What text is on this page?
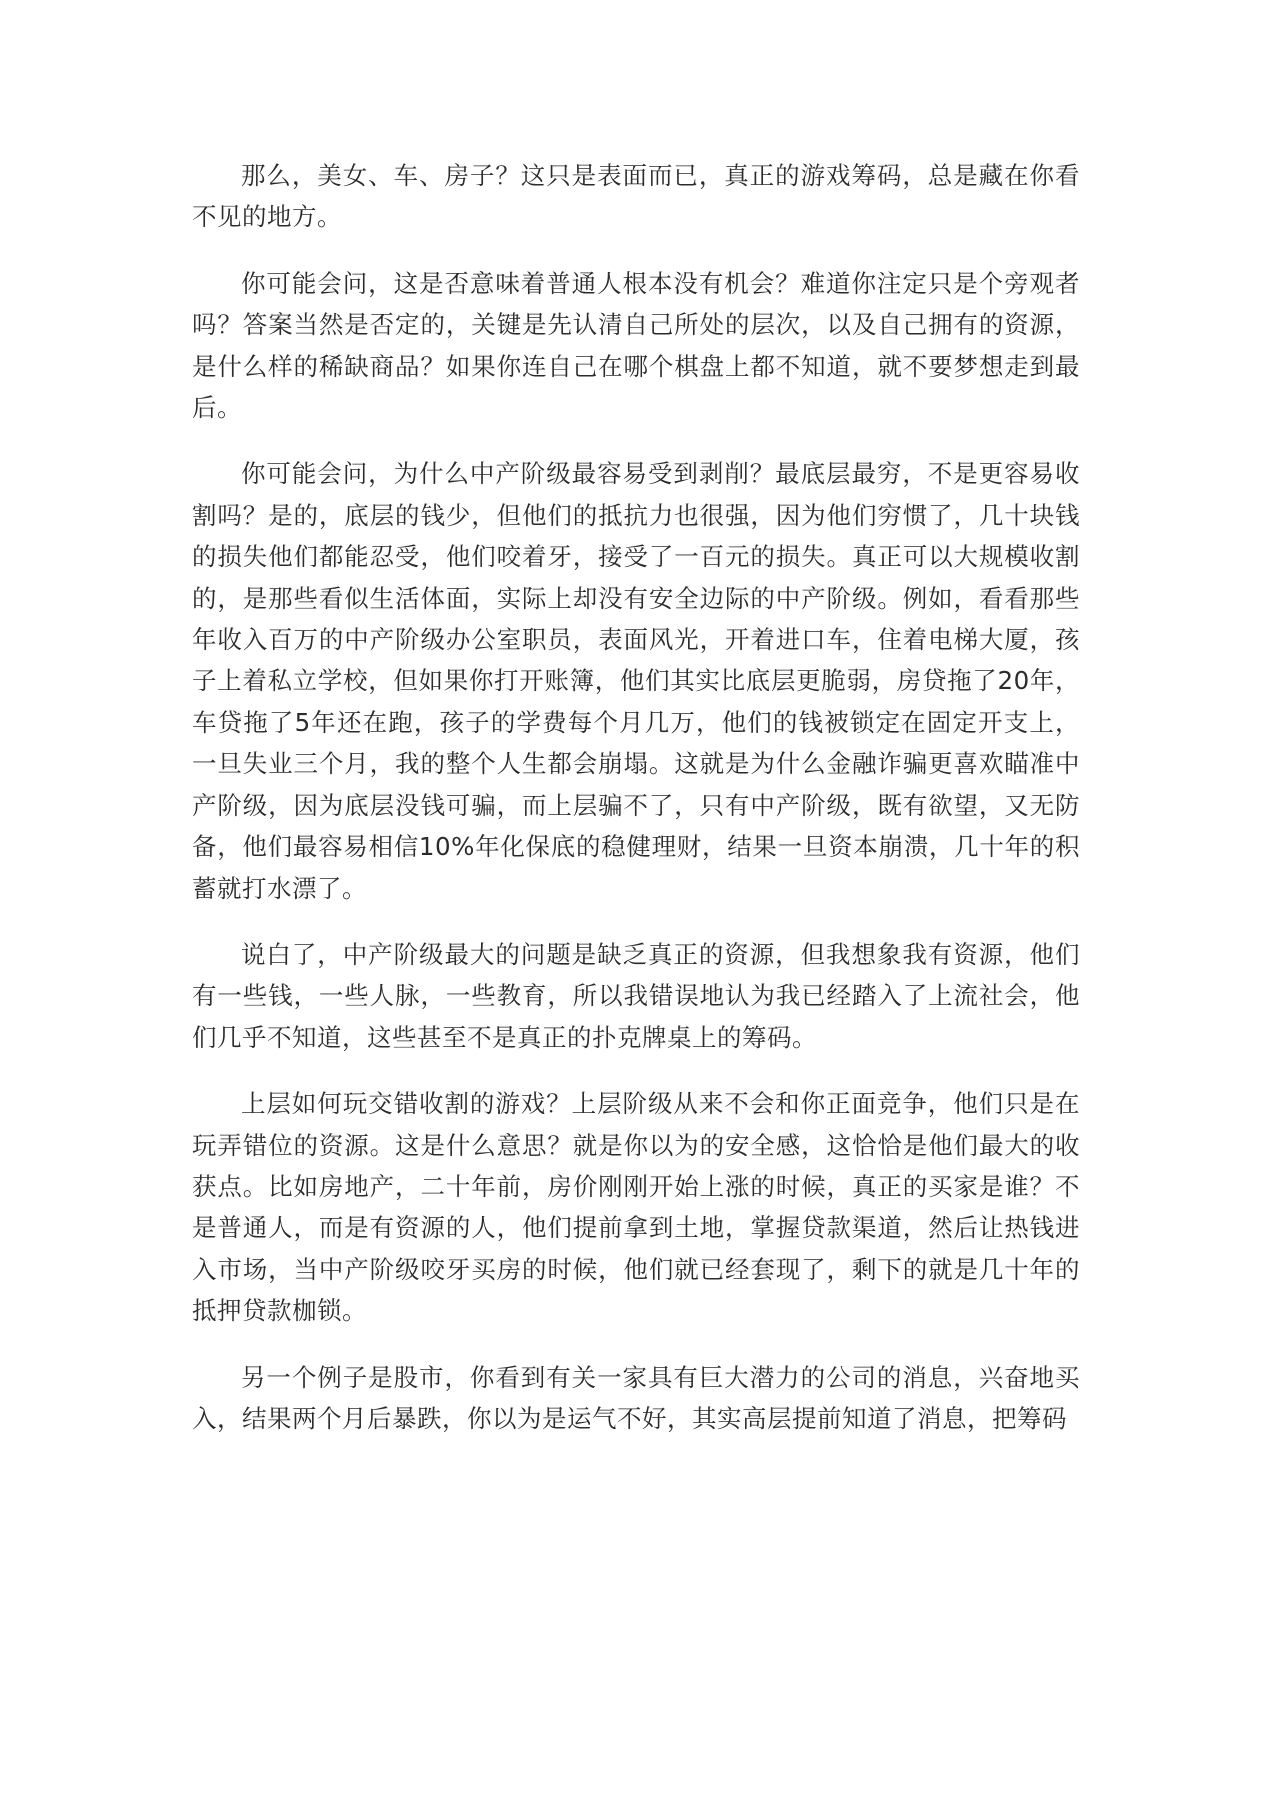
那么，美女、车、房子？这只是表面而已，真正的游戏筹码，总是藏在你看不见的地方。

你可能会问，这是否意味着普通人根本没有机会？难道你注定只是个旁观者吗？答案当然是否定的，关键是先认清自己所处的层次，以及自己拥有的资源，是什么样的稀缺商品？如果你连自己在哪个棋盘上都不知道，就不要梦想走到最后。

你可能会问，为什么中产阶级最容易受到剥削？最底层最穷，不是更容易收割吗？是的，底层的钱少，但他们的抵抗力也很强，因为他们穷惯了，几十块钱的损失他们都能忍受，他们咬着牙，接受了一百元的损失。真正可以大规模收割的，是那些看似生活体面，实际上却没有安全边际的中产阶级。例如，看看那些年收入百万的中产阶级办公室职员，表面风光，开着进口车，住着电梯大厦，孩子上着私立学校，但如果你打开账簿，他们其实比底层更脆弱，房贷拖了20年，车贷拖了5年还在跑，孩子的学费每个月几万，他们的钱被锁定在固定开支上，一旦失业三个月，我的整个人生都会崩塌。这就是为什么金融诈骗更喜欢瞄准中产阶级，因为底层没钱可骗，而上层骗不了，只有中产阶级，既有欲望，又无防备，他们最容易相信10%年化保底的稳健理财，结果一旦资本崩溃，几十年的积蓄就打水漂了。

说白了，中产阶级最大的问题是缺乏真正的资源，但我想象我有资源，他们有一些钱，一些人脉，一些教育，所以我错误地认为我已经踏入了上流社会，他们几乎不知道，这些甚至不是真正的扑克牌桌上的筹码。

上层如何玩交错收割的游戏？上层阶级从来不会和你正面竞争，他们只是在玩弄错位的资源。这是什么意思？就是你以为的安全感，这恰恰是他们最大的收获点。比如房地产，二十年前，房价刚刚开始上涨的时候，真正的买家是谁？不是普通人，而是有资源的人，他们提前拿到土地，掌握贷款渠道，然后让热钱进入市场，当中产阶级咬牙买房的时候，他们就已经套现了，剩下的就是几十年的抵押贷款枷锁。

另一个例子是股市，你看到有关一家具有巨大潜力的公司的消息，兴奋地买入，结果两个月后暴跌，你以为是运气不好，其实高层提前知道了消息，把筹码
